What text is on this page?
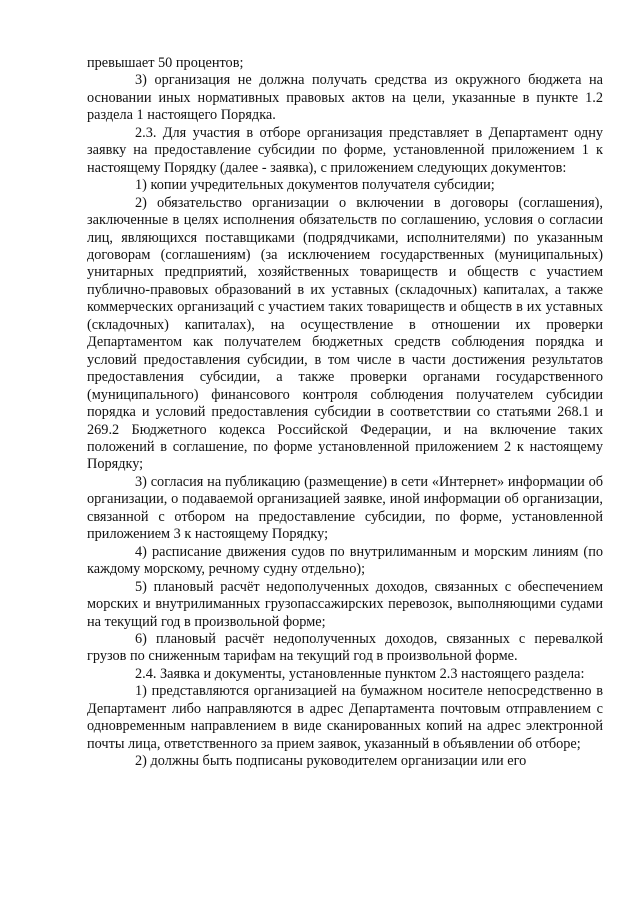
превышает 50 процентов;

3) организация не должна получать средства из окружного бюджета на основании иных нормативных правовых актов на цели, указанные в пункте 1.2 раздела 1 настоящего Порядка.

2.3. Для участия в отборе организация представляет в Департамент одну заявку на предоставление субсидии по форме, установленной приложением 1 к настоящему Порядку (далее - заявка), с приложением следующих документов:

1) копии учредительных документов получателя субсидии;

2) обязательство организации о включении в договоры (соглашения), заключенные в целях исполнения обязательств по соглашению, условия о согласии лиц, являющихся поставщиками (подрядчиками, исполнителями) по указанным договорам (соглашениям) (за исключением государственных (муниципальных) унитарных предприятий, хозяйственных товариществ и обществ с участием публично-правовых образований в их уставных (складочных) капиталах, а также коммерческих организаций с участием таких товариществ и обществ в их уставных (складочных) капиталах), на осуществление в отношении их проверки Департаментом как получателем бюджетных средств соблюдения порядка и условий предоставления субсидии, в том числе в части достижения результатов предоставления субсидии, а также проверки органами государственного (муниципального) финансового контроля соблюдения получателем субсидии порядка и условий предоставления субсидии в соответствии со статьями 268.1 и 269.2 Бюджетного кодекса Российской Федерации, и на включение таких положений в соглашение, по форме установленной приложением 2 к настоящему Порядку;

3) согласия на публикацию (размещение) в сети «Интернет» информации об организации, о подаваемой организацией заявке, иной информации об организации, связанной с отбором на предоставление субсидии, по форме, установленной приложением 3 к настоящему Порядку;

4) расписание движения судов по внутрилиманным и морским линиям (по каждому морскому, речному судну отдельно);

5) плановый расчёт недополученных доходов, связанных с обеспечением морских и внутрилиманных грузопассажирских перевозок, выполняющими судами на текущий год в произвольной форме;

6) плановый расчёт недополученных доходов, связанных с перевалкой грузов по сниженным тарифам на текущий год в произвольной форме.

2.4. Заявка и документы, установленные пунктом 2.3 настоящего раздела:

1) представляются организацией на бумажном носителе непосредственно в Департамент либо направляются в адрес Департамента почтовым отправлением с одновременным направлением в виде сканированных копий на адрес электронной почты лица, ответственного за прием заявок, указанный в объявлении об отборе;

2) должны быть подписаны руководителем организации или его
